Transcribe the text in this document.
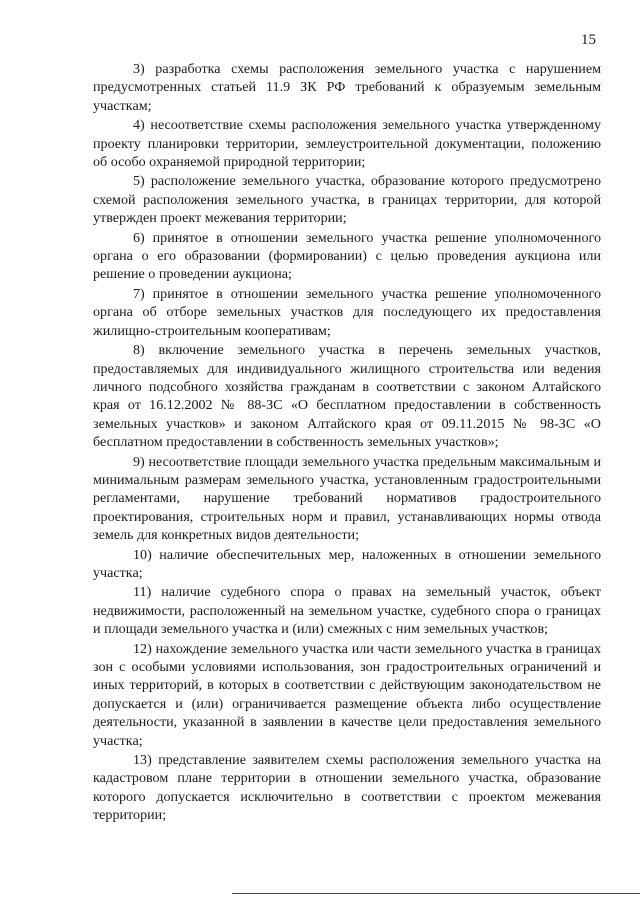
15

3) разработка схемы расположения земельного участка с нарушением предусмотренных статьей 11.9 ЗК РФ требований к образуемым земельным участкам;

4) несоответствие схемы расположения земельного участка утвержденному проекту планировки территории, землеустроительной документации, положению об особо охраняемой природной территории;

5) расположение земельного участка, образование которого предусмотрено схемой расположения земельного участка, в границах территории, для которой утвержден проект межевания территории;

6) принятое в отношении земельного участка решение уполномоченного органа о его образовании (формировании) с целью проведения аукциона или решение о проведении аукциона;

7) принятое в отношении земельного участка решение уполномоченного органа об отборе земельных участков для последующего их предоставления жилищно-строительным кооперативам;

8) включение земельного участка в перечень земельных участков, предоставляемых для индивидуального жилищного строительства или ведения личного подсобного хозяйства гражданам в соответствии с законом Алтайского края от 16.12.2002 № 88-ЗС «О бесплатном предоставлении в собственность земельных участков» и законом Алтайского края от 09.11.2015 № 98-ЗС «О бесплатном предоставлении в собственность земельных участков»;

9) несоответствие площади земельного участка предельным максимальным и минимальным размерам земельного участка, установленным градостроительными регламентами, нарушение требований нормативов градостроительного проектирования, строительных норм и правил, устанавливающих нормы отвода земель для конкретных видов деятельности;

10) наличие обеспечительных мер, наложенных в отношении земельного участка;

11) наличие судебного спора о правах на земельный участок, объект недвижимости, расположенный на земельном участке, судебного спора о границах и площади земельного участка и (или) смежных с ним земельных участков;

12) нахождение земельного участка или части земельного участка в границах зон с особыми условиями использования, зон градостроительных ограничений и иных территорий, в которых в соответствии с действующим законодательством не допускается и (или) ограничивается размещение объекта либо осуществление деятельности, указанной в заявлении в качестве цели предоставления земельного участка;

13) представление заявителем схемы расположения земельного участка на кадастровом плане территории в отношении земельного участка, образование которого допускается исключительно в соответствии с проектом межевания территории;
